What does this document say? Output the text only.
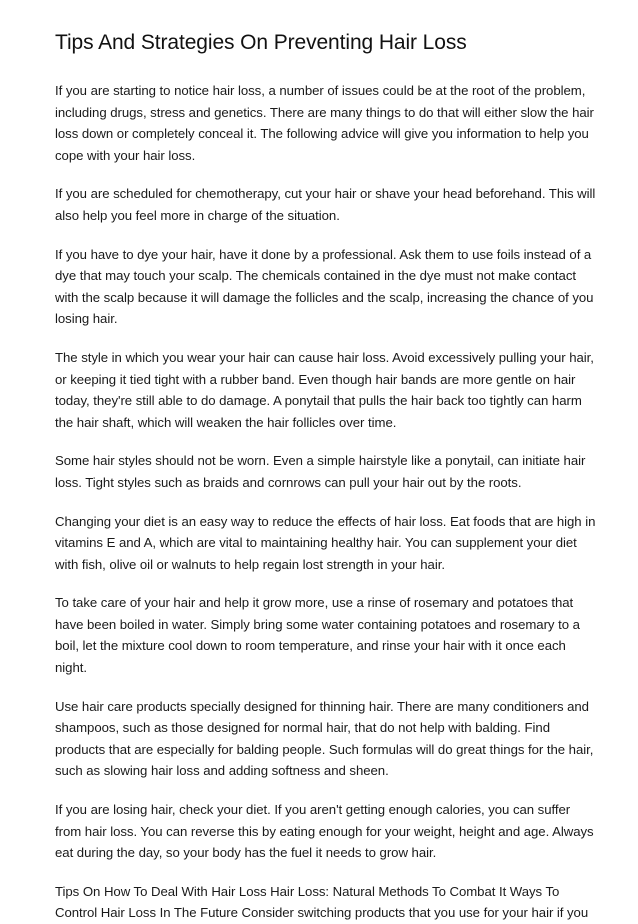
Tips And Strategies On Preventing Hair Loss

If you are starting to notice hair loss, a number of issues could be at the root of the problem, including drugs, stress and genetics. There are many things to do that will either slow the hair loss down or completely conceal it. The following advice will give you information to help you cope with your hair loss.

If you are scheduled for chemotherapy, cut your hair or shave your head beforehand. This will also help you feel more in charge of the situation.

If you have to dye your hair, have it done by a professional. Ask them to use foils instead of a dye that may touch your scalp. The chemicals contained in the dye must not make contact with the scalp because it will damage the follicles and the scalp, increasing the chance of you losing hair.

The style in which you wear your hair can cause hair loss. Avoid excessively pulling your hair, or keeping it tied tight with a rubber band. Even though hair bands are more gentle on hair today, they're still able to do damage. A ponytail that pulls the hair back too tightly can harm the hair shaft, which will weaken the hair follicles over time.

Some hair styles should not be worn. Even a simple hairstyle like a ponytail, can initiate hair loss. Tight styles such as braids and cornrows can pull your hair out by the roots.

Changing your diet is an easy way to reduce the effects of hair loss. Eat foods that are high in vitamins E and A, which are vital to maintaining healthy hair. You can supplement your diet with fish, olive oil or walnuts to help regain lost strength in your hair.

To take care of your hair and help it grow more, use a rinse of rosemary and potatoes that have been boiled in water. Simply bring some water containing potatoes and rosemary to a boil, let the mixture cool down to room temperature, and rinse your hair with it once each night.

Use hair care products specially designed for thinning hair. There are many conditioners and shampoos, such as those designed for normal hair, that do not help with balding. Find products that are especially for balding people. Such formulas will do great things for the hair, such as slowing hair loss and adding softness and sheen.

If you are losing hair, check your diet. If you aren't getting enough calories, you can suffer from hair loss. You can reverse this by eating enough for your weight, height and age. Always eat during the day, so your body has the fuel it needs to grow hair.

Tips On How To Deal With Hair Loss Hair Loss: Natural Methods To Combat It Ways To Control Hair Loss In The Future Consider switching products that you use for your hair if you
